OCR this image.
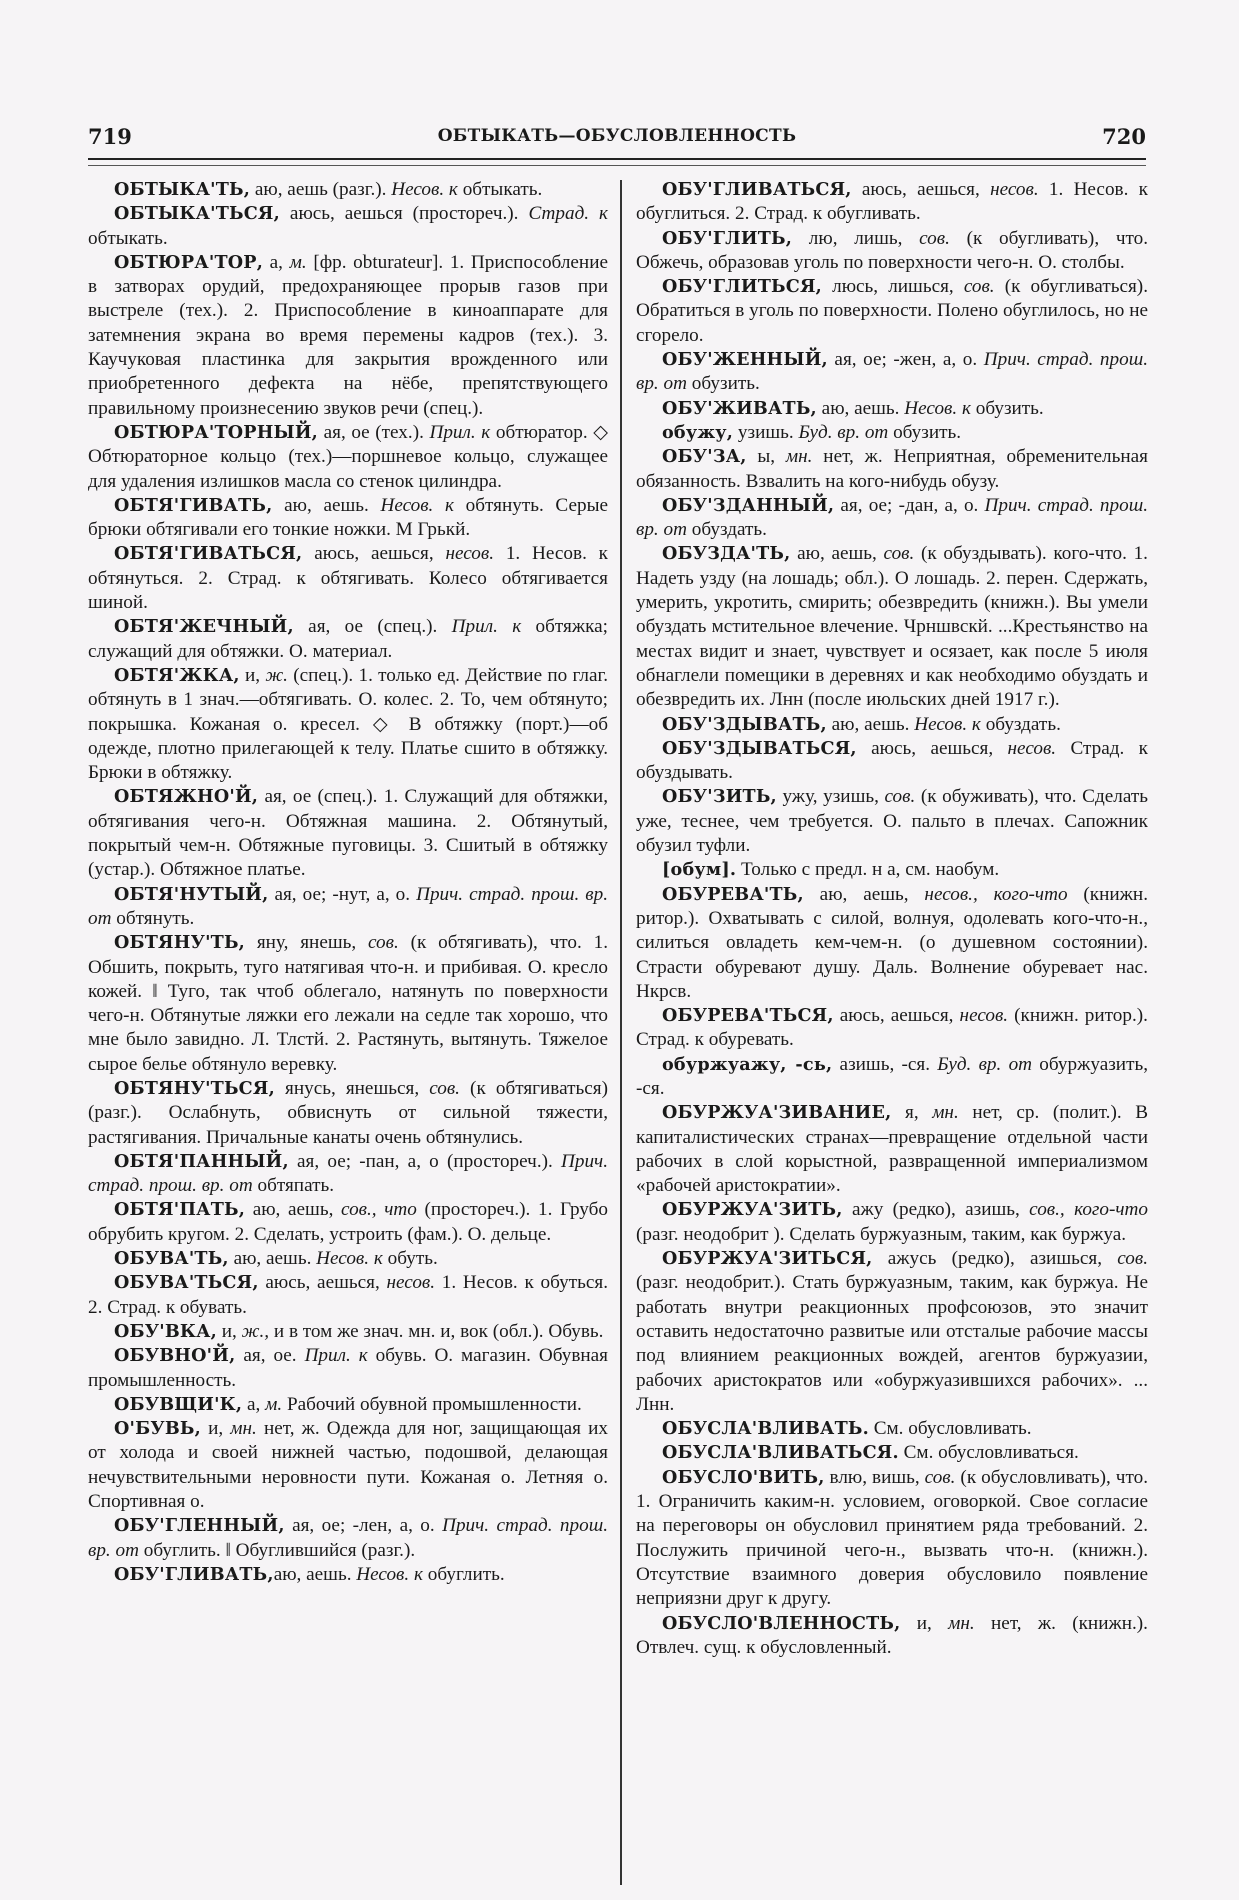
719	ОБТЫКАТЬ—ОБУСЛОВЛЕННОСТЬ	720

ОБТЫКА'ТЬ, аю, аешь (разг.). Несов. к обтыкать.

ОБТЫКА'ТЬСЯ, аюсь, аешься (простореч.). Страд. к обтыкать.

ОБТЮРА'ТОР, а, м. [фр. obturateur]. 1. Приспособление в затворах орудий, предохраняющее прорыв газов при выстреле (тех.). 2. Приспособление в киноаппарате для затемнения экрана во время перемены кадров (тех.). 3. Каучуковая пластинка для закрытия врожденного или приобретенного дефекта на нёбе, препятствующего правильному произнесению звуков речи (спец.).

ОБТЮРА'ТОРНЫЙ, ая, ое (тех.). Прил. к обтюратор. ◇ Обтюраторное кольцо (тех.)—поршневое кольцо, служащее для удаления излишков масла со стенок цилиндра.

ОБТЯ'ГИВАТЬ, аю, аешь. Несов. к обтянуть. Серые брюки обтягивали его тонкие ножки. М Грькй.

ОБТЯ'ГИВАТЬСЯ, аюсь, аешься, несов. 1. Несов. к обтянуться. 2. Страд. к обтягивать. Колесо обтягивается шиной.

ОБТЯ'ЖЕЧНЫЙ, ая, ое (спец.). Прил. к обтяжка; служащий для обтяжки. О. материал.

ОБТЯ'ЖКА, и, ж. (спец.). 1. только ед. Действие по глаг. обтянуть в 1 знач.—обтягивать. О. колес. 2. То, чем обтянуто; покрышка. Кожаная о. кресел. ◇ В обтяжку (порт.)—об одежде, плотно прилегающей к телу. Платье сшито в обтяжку. Брюки в обтяжку.

ОБТЯЖНО'Й, ая, ое (спец.). 1. Служащий для обтяжки, обтягивания чего-н. Обтяжная машина. 2. Обтянутый, покрытый чем-н. Обтяжные пуговицы. 3. Сшитый в обтяжку (устар.). Обтяжное платье.

ОБТЯ'НУТЫЙ, ая, ое; -нут, а, о. Прич. страд. прош. вр. от обтянуть.

ОБТЯНУ'ТЬ, яну, янешь, сов. (к обтягивать), что. 1. Обшить, покрыть, туго натягивая что-н. и прибивая. О. кресло кожей. ‖ Туго, так чтоб облегало, натянуть по поверхности чего-н. Обтянутые ляжки его лежали на седле так хорошо, что мне было завидно. Л. Тлстй. 2. Растянуть, вытянуть. Тяжелое сырое белье обтянуло веревку.

ОБТЯНУ'ТЬСЯ, янусь, янешься, сов. (к обтягиваться) (разг.). Ослабнуть, обвиснуть от сильной тяжести, растягивания. Причальные канаты очень обтянулись.

ОБТЯ'ПАННЫЙ, ая, ое; -пан, а, о (простореч.). Прич. страд. прош. вр. от обтяпать.

ОБТЯ'ПАТЬ, аю, аешь, сов., что (простореч.). 1. Грубо обрубить кругом. 2. Сделать, устроить (фам.). О. дельце.

ОБУВА'ТЬ, аю, аешь. Несов. к обуть.

ОБУВА'ТЬСЯ, аюсь, аешься, несов. 1. Несов. к обуться. 2. Страд. к обувать.

ОБУ'ВКА, и, ж., и в том же знач. мн. и, вок (обл.). Обувь.

ОБУВНО'Й, ая, ое. Прил. к обувь. О. магазин. Обувная промышленность.

ОБУВЩИ'К, а, м. Рабочий обувной промышленности.

О'БУВЬ, и, мн. нет, ж. Одежда для ног, защищающая их от холода и своей нижней частью, подошвой, делающая нечувствительными неровности пути. Кожаная о. Летняя о. Спортивная о.

ОБУ'ГЛЕННЫЙ, ая, ое; -лен, а, о. Прич. страд. прош. вр. от обуглить. ‖ Обуглившийся (разг.).

ОБУ'ГЛИВАТЬ,аю, аешь. Несов. к обуглить.

ОБУ'ГЛИВАТЬСЯ, аюсь, аешься, несов. 1. Несов. к обуглиться. 2. Страд. к обугливать.

ОБУ'ГЛИТЬ, лю, лишь, сов. (к обугливать), что. Обжечь, образовав уголь по поверхности чего-н. О. столбы.

ОБУ'ГЛИТЬСЯ, люсь, лишься, сов. (к обугливаться). Обратиться в уголь по поверхности. Полено обуглилось, но не сгорело.

ОБУ'ЖЕННЫЙ, ая, ое; -жен, а, о. Прич. страд. прош. вр. от обузить.

ОБУ'ЖИВАТЬ, аю, аешь. Несов. к обузить.

обужу, узишь. Буд. вр. от обузить.

ОБУ'ЗА, ы, мн. нет, ж. Неприятная, обременительная обязанность. Взвалить на кого-нибудь обузу.

ОБУ'ЗДАННЫЙ, ая, ое; -дан, а, о. Прич. страд. прош. вр. от обуздать.

ОБУЗДА'ТЬ, аю, аешь, сов. (к обуздывать). кого-что. 1. Надеть узду (на лошадь; обл.). О лошадь. 2. перен. Сдержать, умерить, укротить, смирить; обезвредить (книжн.). Вы умели обуздать мстительное влечение. Чрншвскй. ...Крестьянство на местах видит и знает, чувствует и осязает, как после 5 июля обнаглели помещики в деревнях и как необходимо обуздать и обезвредить их. Лнн (после июльских дней 1917 г.).

ОБУ'ЗДЫВАТЬ, аю, аешь. Несов. к обуздать.

ОБУ'ЗДЫВАТЬСЯ, аюсь, аешься, несов. Страд. к обуздывать.

ОБУ'ЗИТЬ, ужу, узишь, сов. (к обуживать), что. Сделать уже, теснее, чем требуется. О. пальто в плечах. Сапожник обузил туфли.

[обум]. Только с предл. н а, см. наобум.

ОБУРЕВА'ТЬ, аю, аешь, несов., кого-что (книжн. ритор.). Охватывать с силой, волнуя, одолевать кого-что-н., силиться овладеть кем-чем-н. (о душевном состоянии). Страсти обуревают душу. Даль. Волнение обуревает нас. Нкрсв.

ОБУРЕВА'ТЬСЯ, аюсь, аешься, несов. (книжн. ритор.). Страд. к обуревать.

обуржуажу, -сь, азишь, -ся. Буд. вр. от обуржуазить, -ся.

ОБУРЖУА'ЗИВАНИЕ, я, мн. нет, ср. (полит.). В капиталистических странах—превращение отдельной части рабочих в слой корыстной, развращенной империализмом «рабочей аристократии».

ОБУРЖУА'ЗИТЬ, ажу (редко), азишь, сов., кого-что (разг. неодобрит ). Сделать буржуазным, таким, как буржуа.

ОБУРЖУА'ЗИТЬСЯ, ажусь (редко), азишься, сов. (разг. неодобрит.). Стать буржуазным, таким, как буржуа. Не работать внутри реакционных профсоюзов, это значит оставить недостаточно развитые или отсталые рабочие массы под влиянием реакционных вождей, агентов буржуазии, рабочих аристократов или «обуржуазившихся рабочих». ... Лнн.

ОБУСЛА'ВЛИВАТЬ. См. обусловливать.

ОБУСЛА'ВЛИВАТЬСЯ. См. обусловливаться.

ОБУСЛО'ВИТЬ, влю, вишь, сов. (к обусловливать), что. 1. Ограничить каким-н. условием, оговоркой. Свое согласие на переговоры он обусловил принятием ряда требований. 2. Послужить причиной чего-н., вызвать что-н. (книжн.). Отсутствие взаимного доверия обусловило появление неприязни друг к другу.

ОБУСЛО'ВЛЕННОСТЬ, и, мн. нет, ж. (книжн.). Отвлеч. сущ. к обусловленный.
